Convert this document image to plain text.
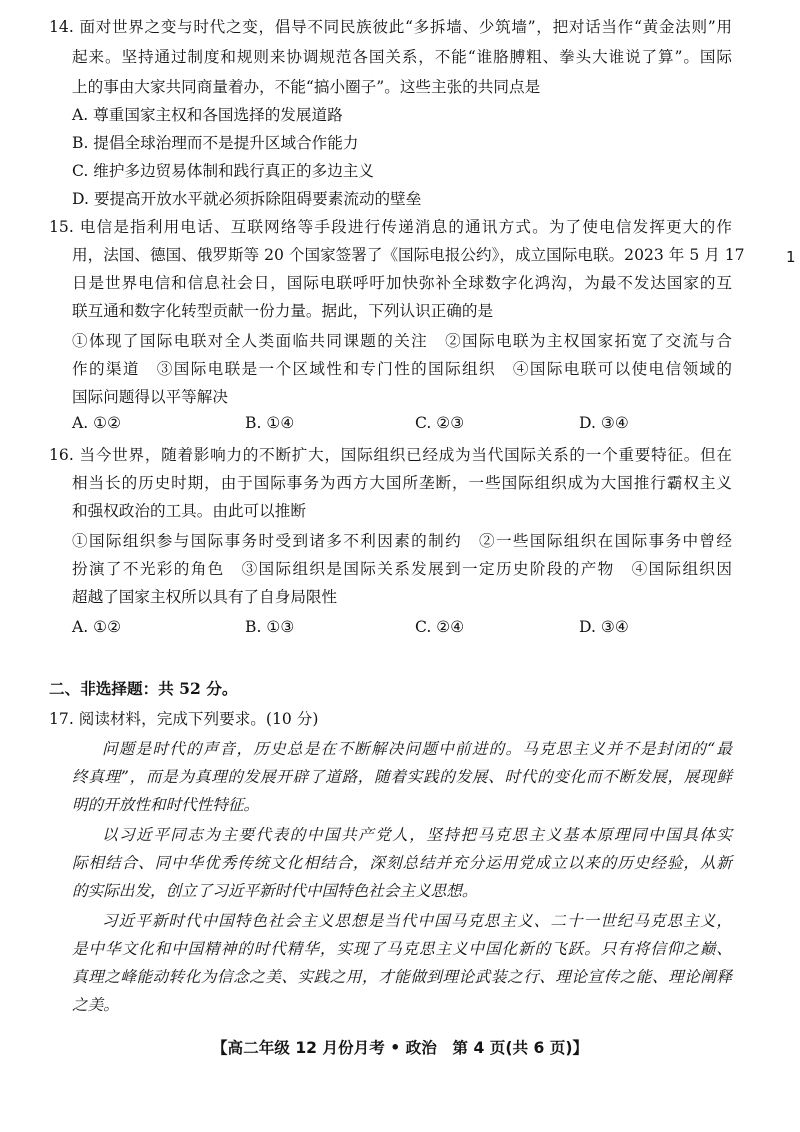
14. 面对世界之变与时代之变，倡导不同民族彼此“多拆墙、少筑墙”，把对话当作“黄金法则”用
起来。坚持通过制度和规则来协调规范各国关系，不能“谁胳膊粗、拳头大谁说了算”。国际
上的事由大家共同商量着办，不能“搞小圈子”。这些主张的共同点是
A. 尊重国家主权和各国选择的发展道路
B. 提倡全球治理而不是提升区域合作能力
C. 维护多边贸易体制和践行真正的多边主义
D. 要提高开放水平就必须拆除阻碍要素流动的壁垒
15. 电信是指利用电话、互联网络等手段进行传递消息的通讯方式。为了使电信发挥更大的作
用，法国、德国、俄罗斯等 20 个国家签署了《国际电报公约》，成立国际电联。2023 年 5 月 17
日是世界电信和信息社会日，国际电联呼吁加快弥补全球数字化鸿沟，为最不发达国家的互
联互通和数字化转型贡献一份力量。据此，下列认识正确的是
①体现了国际电联对全人类面临共同课题的关注　②国际电联为主权国家拓宽了交流与合
作的渠道　③国际电联是一个区域性和专门性的国际组织　④国际电联可以使电信领域的
国际问题得以平等解决
A. ①②	B. ①④	C. ②③	D. ③④
1
16. 当今世界，随着影响力的不断扩大，国际组织已经成为当代国际关系的一个重要特征。但在
相当长的历史时期，由于国际事务为西方大国所垄断，一些国际组织成为大国推行霸权主义
和强权政治的工具。由此可以推断
①国际组织参与国际事务时受到诸多不利因素的制约　②一些国际组织在国际事务中曾经
扮演了不光彩的角色　③国际组织是国际关系发展到一定历史阶段的产物　④国际组织因
超越了国家主权所以具有了自身局限性
A. ①②	B. ①③	C. ②④	D. ③④
二、非选择题：共 52 分。
17. 阅读材料，完成下列要求。(10 分)
问题是时代的声音，历史总是在不断解决问题中前进的。马克思主义并不是封闭的“最
终真理”，而是为真理的发展开辟了道路，随着实践的发展、时代的变化而不断发展，展现鲜
明的开放性和时代性特征。
以习近平同志为主要代表的中国共产党人，坚持把马克思主义基本原理同中国具体实
际相结合、同中华优秀传统文化相结合，深刻总结并充分运用党成立以来的历史经验，从新
的实际出发，创立了习近平新时代中国特色社会主义思想。
习近平新时代中国特色社会主义思想是当代中国马克思主义、二十一世纪马克思主义，
是中华文化和中国精神的时代精华，实现了马克思主义中国化新的飞跃。只有将信仰之巅、
真理之峰能动转化为信念之美、实践之用，才能做到理论武装之行、理论宣传之能、理论阐释
之美。
【高二年级 12 月份月考 • 政治　第 4 页(共 6 页)】
